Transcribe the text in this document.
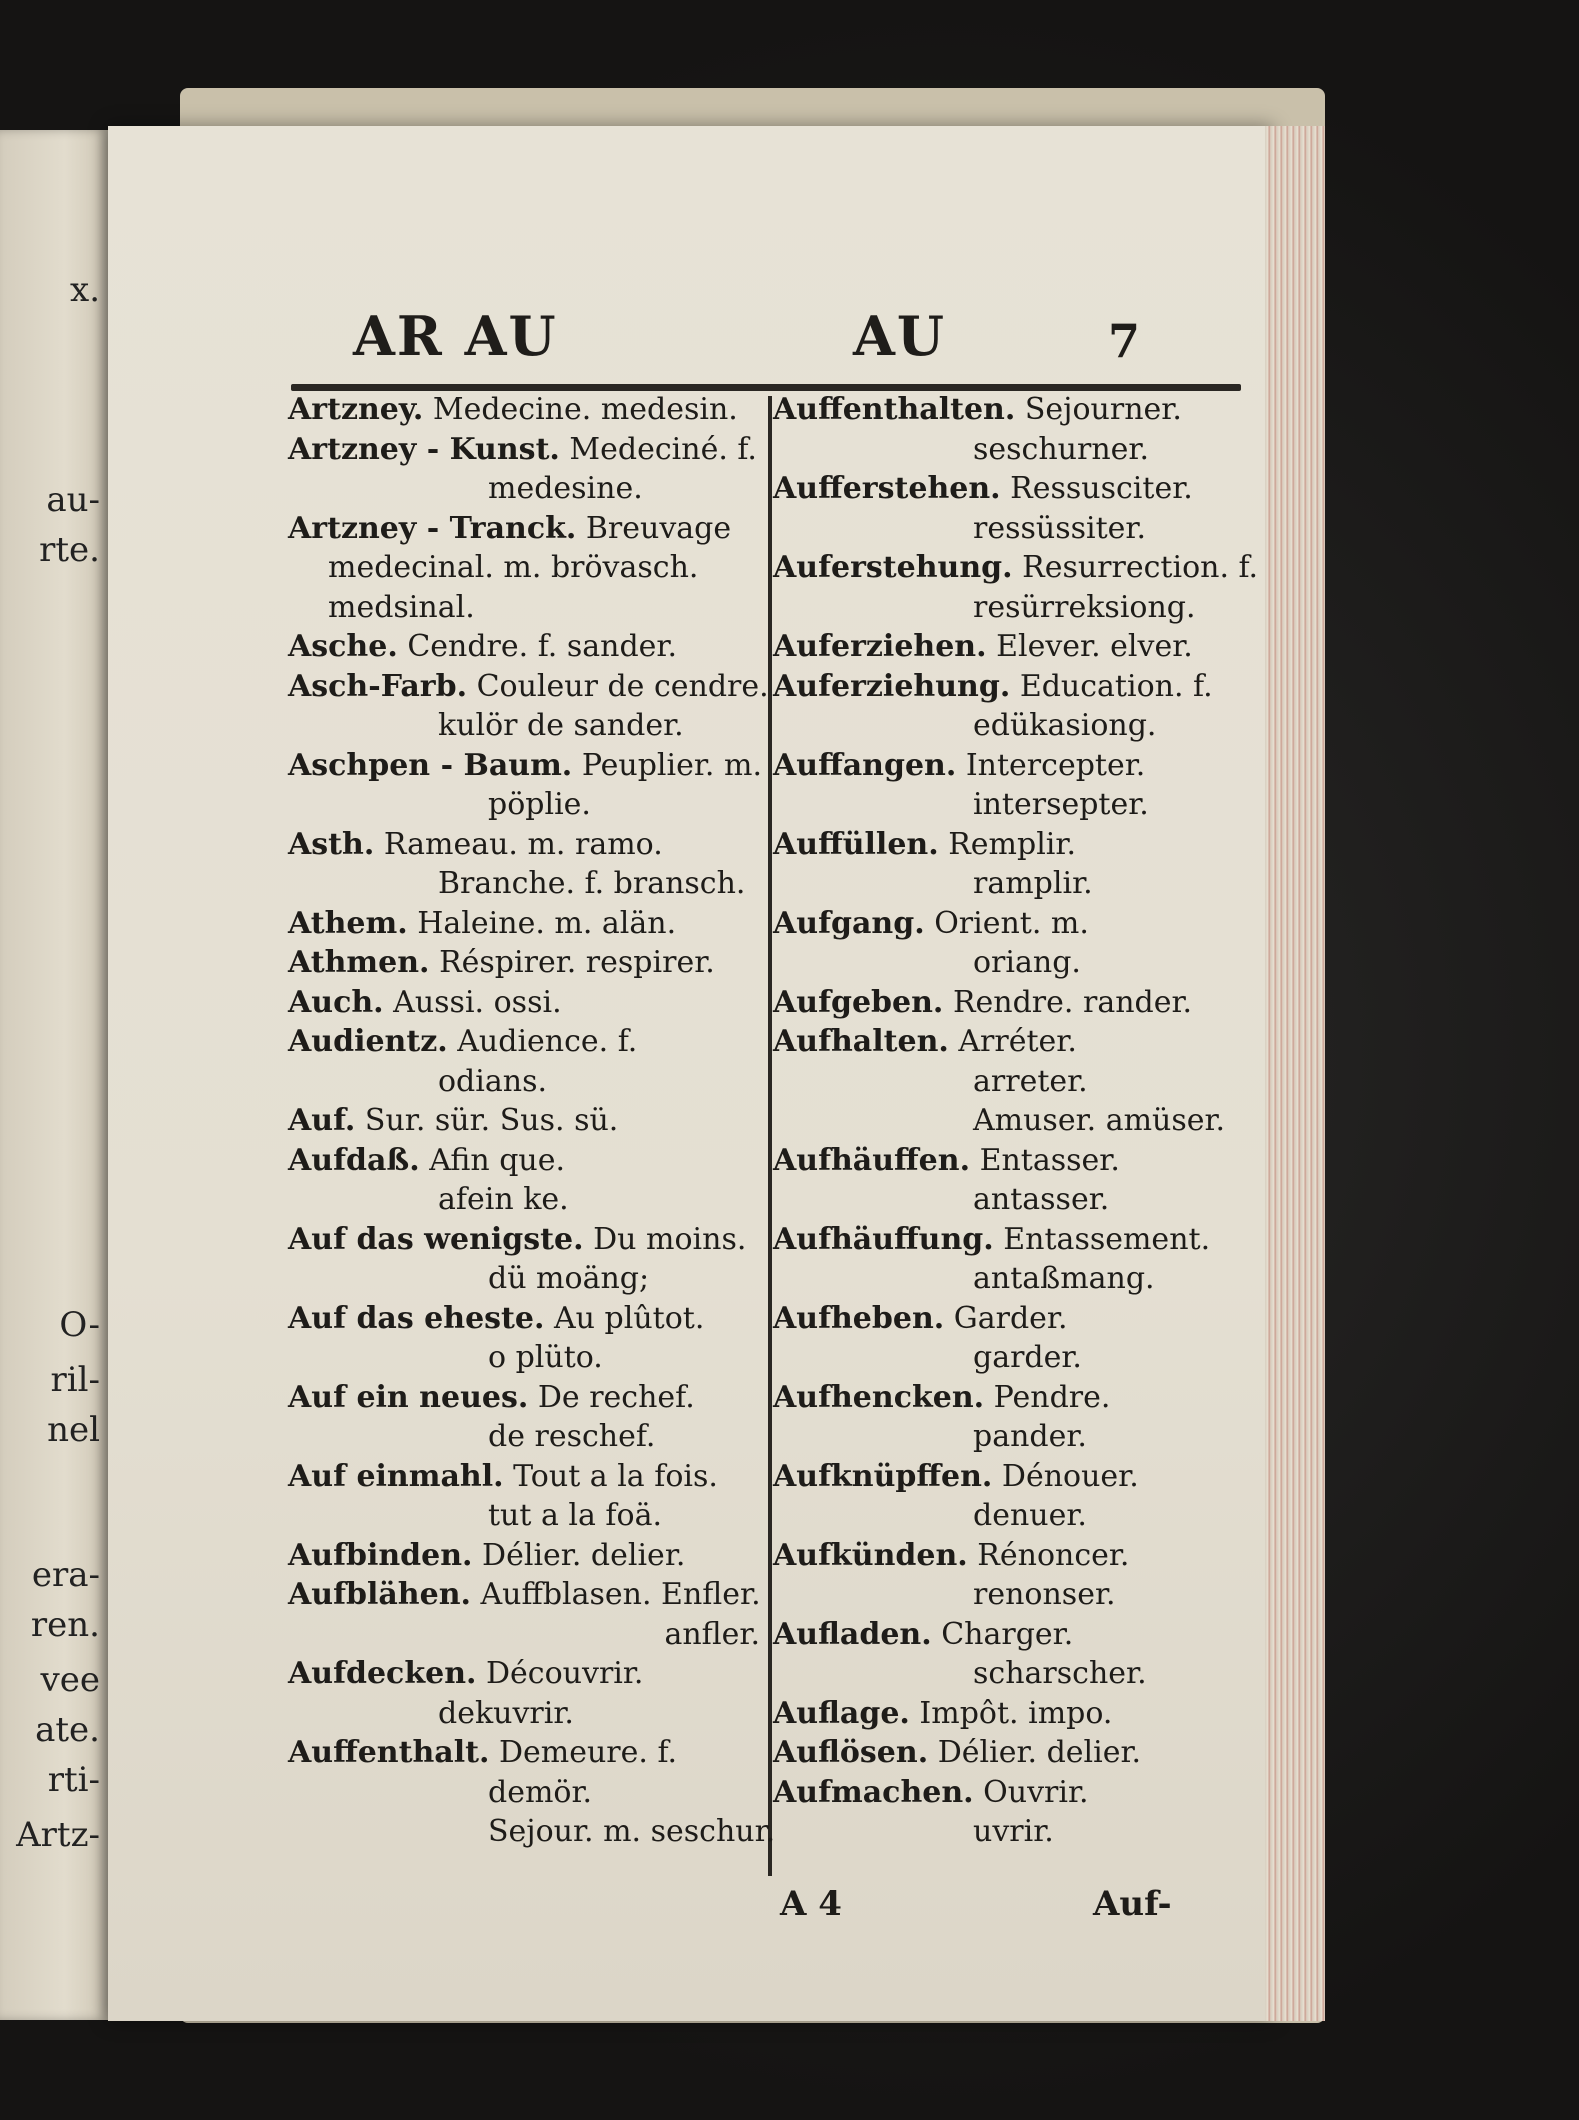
x.
au-
rte.
O-
ril-
nel
era-
ren.
vee
ate.
rti-
Artz-
AR AU	AU	7
Artzney. Medecine. medesin.
Artzney - Kunst. Medeciné. f.
medesine.
Artzney - Tranck. Breuvage
medecinal. m. brövasch.
medsinal.
Asche. Cendre. f. sander.
Asch-Farb. Couleur de cendre.
kulör de sander.
Aschpen - Baum. Peuplier. m.
pöplie.
Asth. Rameau. m. ramo.
Branche. f. bransch.
Athem. Haleine. m. alän.
Athmen. Réspirer. respirer.
Auch. Aussi. ossi.
Audientz. Audience. f.
odians.
Auf. Sur. sür. Sus. sü.
Aufdaß. Afin que.
afein ke.
Auf das wenigste. Du moins.
dü moäng;
Auf das eheste. Au plûtot.
o plüto.
Auf ein neues. De rechef.
de reschef.
Auf einmahl. Tout a la fois.
tut a la foä.
Aufbinden. Délier. delier.
Aufblähen. Auffblasen. Enfler.
anfler.
Aufdecken. Découvrir.
dekuvrir.
Auffenthalt. Demeure. f.
demör.
Sejour. m. seschur.
Auffenthalten. Sejourner.
seschurner.
Aufferstehen. Ressusciter.
ressüssiter.
Auferstehung. Resurrection. f.
resürreksiong.
Auferziehen. Elever. elver.
Auferziehung. Education. f.
edükasiong.
Auffangen. Intercepter.
intersepter.
Auffüllen. Remplir.
ramplir.
Aufgang. Orient. m.
oriang.
Aufgeben. Rendre. rander.
Aufhalten. Arréter.
arreter.
Amuser. amüser.
Aufhäuffen. Entasser.
antasser.
Aufhäuffung. Entassement.
antaßmang.
Aufheben. Garder.
garder.
Aufhencken. Pendre.
pander.
Aufknüpffen. Dénouer.
denuer.
Aufkünden. Rénoncer.
renonser.
Aufladen. Charger.
scharscher.
Auflage. Impôt. impo.
Auflösen. Délier. delier.
Aufmachen. Ouvrir.
uvrir.
A 4	Auf-
